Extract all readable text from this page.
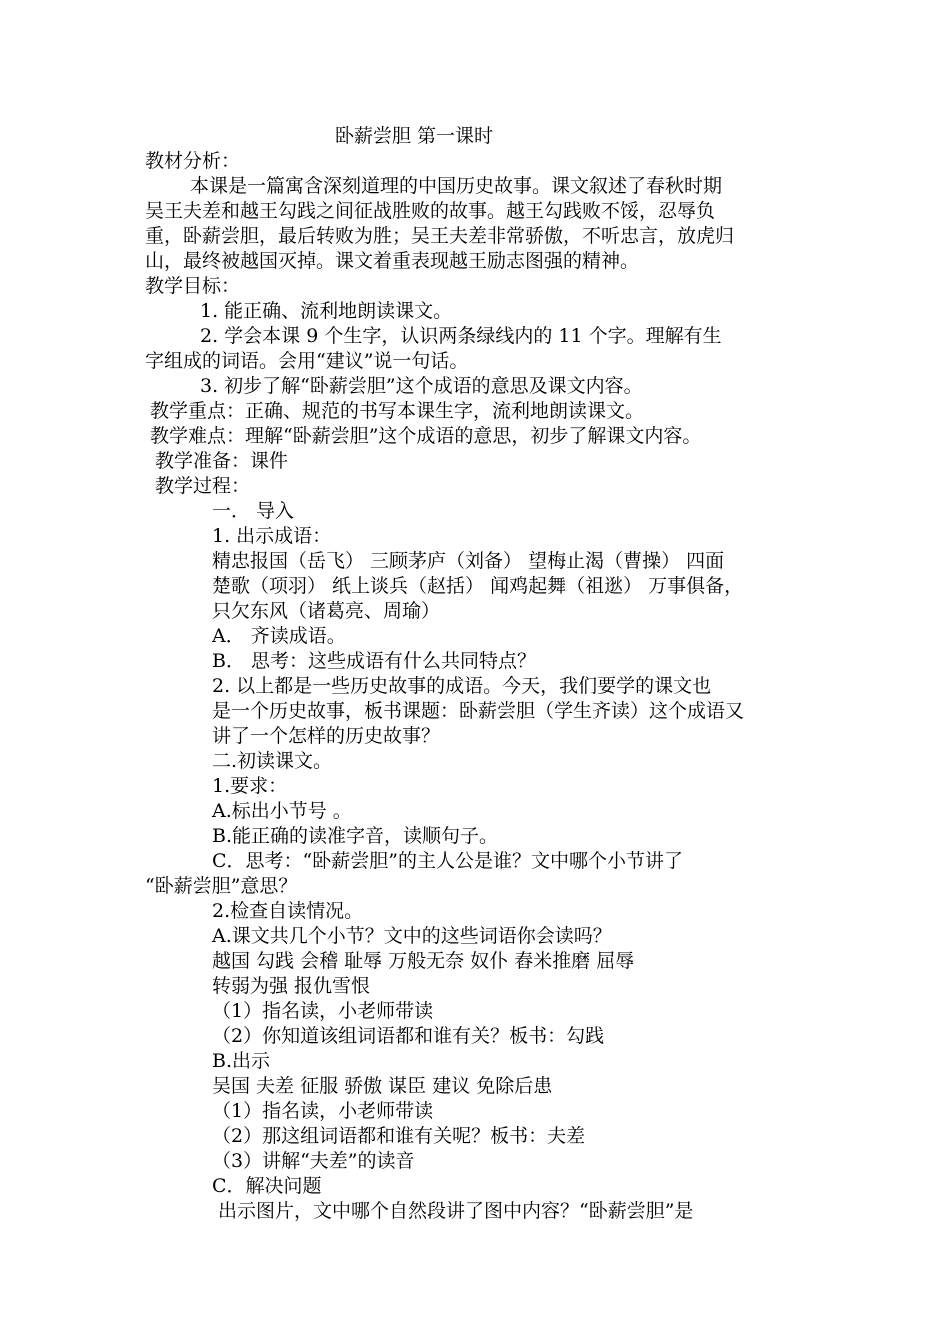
卧薪尝胆 第一课时
教材分析：
本课是一篇寓含深刻道理的中国历史故事。课文叙述了春秋时期
吴王夫差和越王勾践之间征战胜败的故事。越王勾践败不馁，忍辱负
重，卧薪尝胆，最后转败为胜；吴王夫差非常骄傲，不听忠言，放虎归
山，最终被越国灭掉。课文着重表现越王励志图强的精神。
教学目标：
1. 能正确、流利地朗读课文。
2. 学会本课 9 个生字，认识两条绿线内的 11 个字。理解有生
字组成的词语。会用“建议”说一句话。
3. 初步了解“卧薪尝胆”这个成语的意思及课文内容。
教学重点：正确、规范的书写本课生字，流利地朗读课文。
教学难点：理解“卧薪尝胆”这个成语的意思，初步了解课文内容。
教学准备：课件
教学过程：
一． 导入
1. 出示成语：
精忠报国（岳飞） 三顾茅庐（刘备） 望梅止渴（曹操） 四面
楚歌（项羽） 纸上谈兵（赵括） 闻鸡起舞（祖逖） 万事俱备，
只欠东风（诸葛亮、周瑜）
A． 齐读成语。
B． 思考：这些成语有什么共同特点？
2. 以上都是一些历史故事的成语。今天，我们要学的课文也
是一个历史故事，板书课题：卧薪尝胆（学生齐读）这个成语又
讲了一个怎样的历史故事？
二.初读课文。
1.要求：
A.标出小节号 。
B.能正确的读准字音，读顺句子。
C．思考：“卧薪尝胆”的主人公是谁？文中哪个小节讲了
“卧薪尝胆”意思？
2.检查自读情况。
A.课文共几个小节？文中的这些词语你会读吗？
越国 勾践 会稽 耻辱 万般无奈 奴仆 舂米推磨 屈辱
转弱为强 报仇雪恨
（1）指名读，小老师带读
（2）你知道该组词语都和谁有关？板书：勾践
B.出示
吴国 夫差 征服 骄傲 谋臣 建议 免除后患
（1）指名读，小老师带读
（2）那这组词语都和谁有关呢？板书：夫差
（3）讲解“夫差”的读音
C．解决问题
出示图片，文中哪个自然段讲了图中内容？“卧薪尝胆”是
